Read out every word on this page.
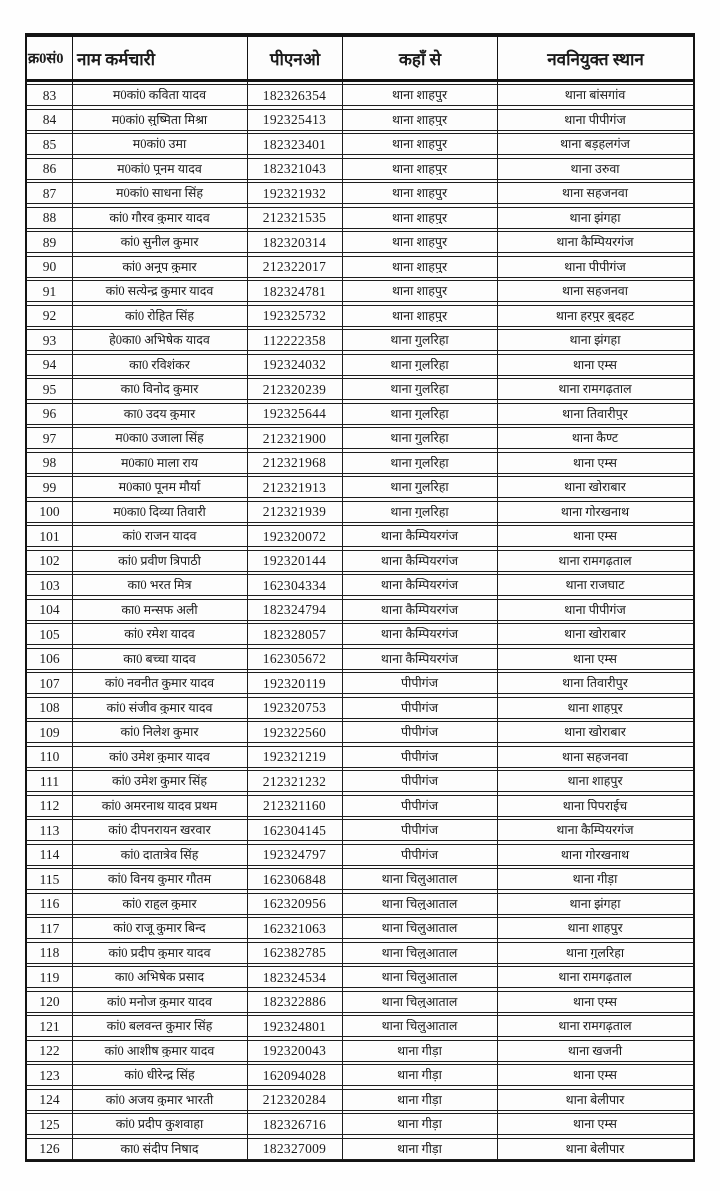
क्र0सं0 नाम कर्मचारी	पीएनओ	कहाँ से	नवनियुक्त स्थान
83	म0कां0 कविता यादव	182326354	थाना शाहपुर	थाना बांसगांव
84	म0कां0 सुष्मिता मिश्रा	192325413	थाना शाहपुर	थाना पीपीगंज
85	म0कां0 उमा	182323401	थाना शाहपुर	थाना बड़हलगंज
86	म0कां0 पूनम यादव	182321043	थाना शाहपुर	थाना उरुवा
87	म0कां0 साधना सिंह	192321932	थाना शाहपुर	थाना सहजनवा
88	कां0 गौरव कुमार यादव	212321535	थाना शाहपुर	थाना झंगहा
89	कां0 सुनील कुमार	182320314	थाना शाहपुर	थाना कैम्पियरगंज
90	कां0 अनूप कुमार	212322017	थाना शाहपुर	थाना पीपीगंज
91	कां0 सत्येन्द्र कुमार यादव	182324781	थाना शाहपुर	थाना सहजनवा
92	कां0 रोहित सिंह	192325732	थाना शाहपुर	थाना हरपुर बुदहट
93	हे0का0 अभिषेक यादव	112222358	थाना गुलरिहा	थाना झंगहा
94	का0 रविशंकर	192324032	थाना गुलरिहा	थाना एम्स
95	का0 विनोद कुमार	212320239	थाना गुलरिहा	थाना रामगढ़ताल
96	का0 उदय कुमार	192325644	थाना गुलरिहा	थाना तिवारीपुर
97	म0का0 उजाला सिंह	212321900	थाना गुलरिहा	थाना कैण्ट
98	म0का0 माला राय	212321968	थाना गुलरिहा	थाना एम्स
99	म0का0 पूनम मौर्या	212321913	थाना गुलरिहा	थाना खोराबार
100	म0का0 दिव्या तिवारी	212321939	थाना गुलरिहा	थाना गोरखनाथ
101	कां0 राजन यादव	192320072	थाना कैम्पियरगंज	थाना एम्स
102	कां0 प्रवीण त्रिपाठी	192320144	थाना कैम्पियरगंज	थाना रामगढ़ताल
103	का0 भरत मित्र	162304334	थाना कैम्पियरगंज	थाना राजघाट
104	का0 मन्सफ अली	182324794	थाना कैम्पियरगंज	थाना पीपीगंज
105	कां0 रमेश यादव	182328057	थाना कैम्पियरगंज	थाना खोराबार
106	का0 बच्चा यादव	162305672	थाना कैम्पियरगंज	थाना एम्स
107	कां0 नवनीत कुमार यादव	192320119	पीपीगंज	थाना तिवारीपुर
108	कां0 संजीव कुमार यादव	192320753	पीपीगंज	थाना शाहपुर
109	कां0 निलेश कुमार	192322560	पीपीगंज	थाना खोराबार
110	कां0 उमेश कुमार यादव	192321219	पीपीगंज	थाना सहजनवा
111	कां0 उमेश कुमार सिंह	212321232	पीपीगंज	थाना शाहपुर
112	कां0 अमरनाथ यादव प्रथम	212321160	पीपीगंज	थाना पिपराईच
113	कां0 दीपनरायन खरवार	162304145	पीपीगंज	थाना कैम्पियरगंज
114	कां0 दातात्रेव सिंह	192324797	पीपीगंज	थाना गोरखनाथ
115	कां0 विनय कुमार गौतम	162306848	थाना चिलुआताल	थाना गीड़ा
116	कां0 राहुल कुमार	162320956	थाना चिलुआताल	थाना झंगहा
117	कां0 राजू कुमार बिन्द	162321063	थाना चिलुआताल	थाना शाहपुर
118	कां0 प्रदीप कुमार यादव	162382785	थाना चिलुआताल	थाना गुलरिहा
119	का0 अभिषेक प्रसाद	182324534	थाना चिलुआताल	थाना रामगढ़ताल
120	कां0 मनोज कुमार यादव	182322886	थाना चिलुआताल	थाना एम्स
121	कां0 बलवन्त कुमार सिंह	192324801	थाना चिलुआताल	थाना रामगढ़ताल
122	कां0 आशीष कुमार यादव	192320043	थाना गीड़ा	थाना खजनी
123	कां0 धीरेन्द्र सिंह	162094028	थाना गीड़ा	थाना एम्स
124	कां0 अजय कुमार भारती	212320284	थाना गीड़ा	थाना बेलीपार
125	कां0 प्रदीप कुशवाहा	182326716	थाना गीड़ा	थाना एम्स
126	का0 संदीप निषाद	182327009	थाना गीड़ा	थाना बेलीपार
